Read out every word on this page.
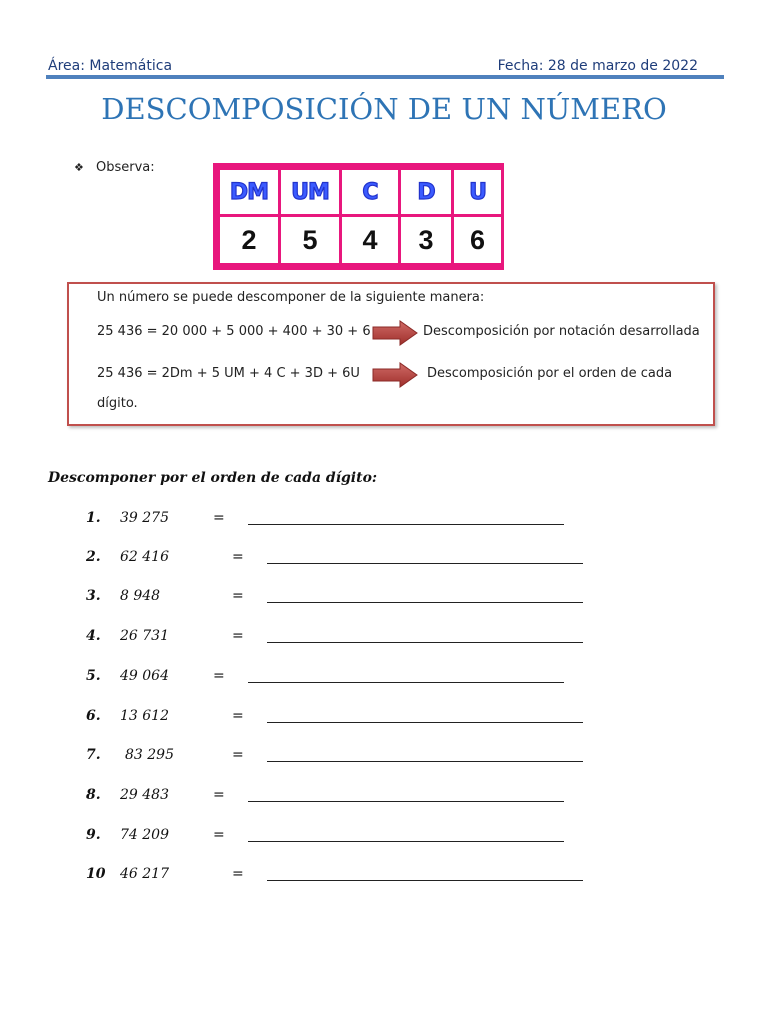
Área: Matemática	Fecha: 28 de marzo de 2022
DESCOMPOSICIÓN DE UN NÚMERO
❖ Observa:
DM UM C D U
2 5 4 3 6
Un número se puede descomponer de la siguiente manera:
25 436 = 20 000 + 5 000 + 400 + 30 + 6	Descomposición por notación desarrollada
25 436 = 2Dm + 5 UM + 4 C + 3D + 6U	Descomposición por el orden de cada
dígito.
Descomponer por el orden de cada dígito:
1. 39 275	=
2. 62 416	=
3. 8 948	=
4. 26 731	=
5. 49 064	=
6. 13 612	=
7. 83 295	=
8. 29 483	=
9. 74 209	=
10 46 217	=
